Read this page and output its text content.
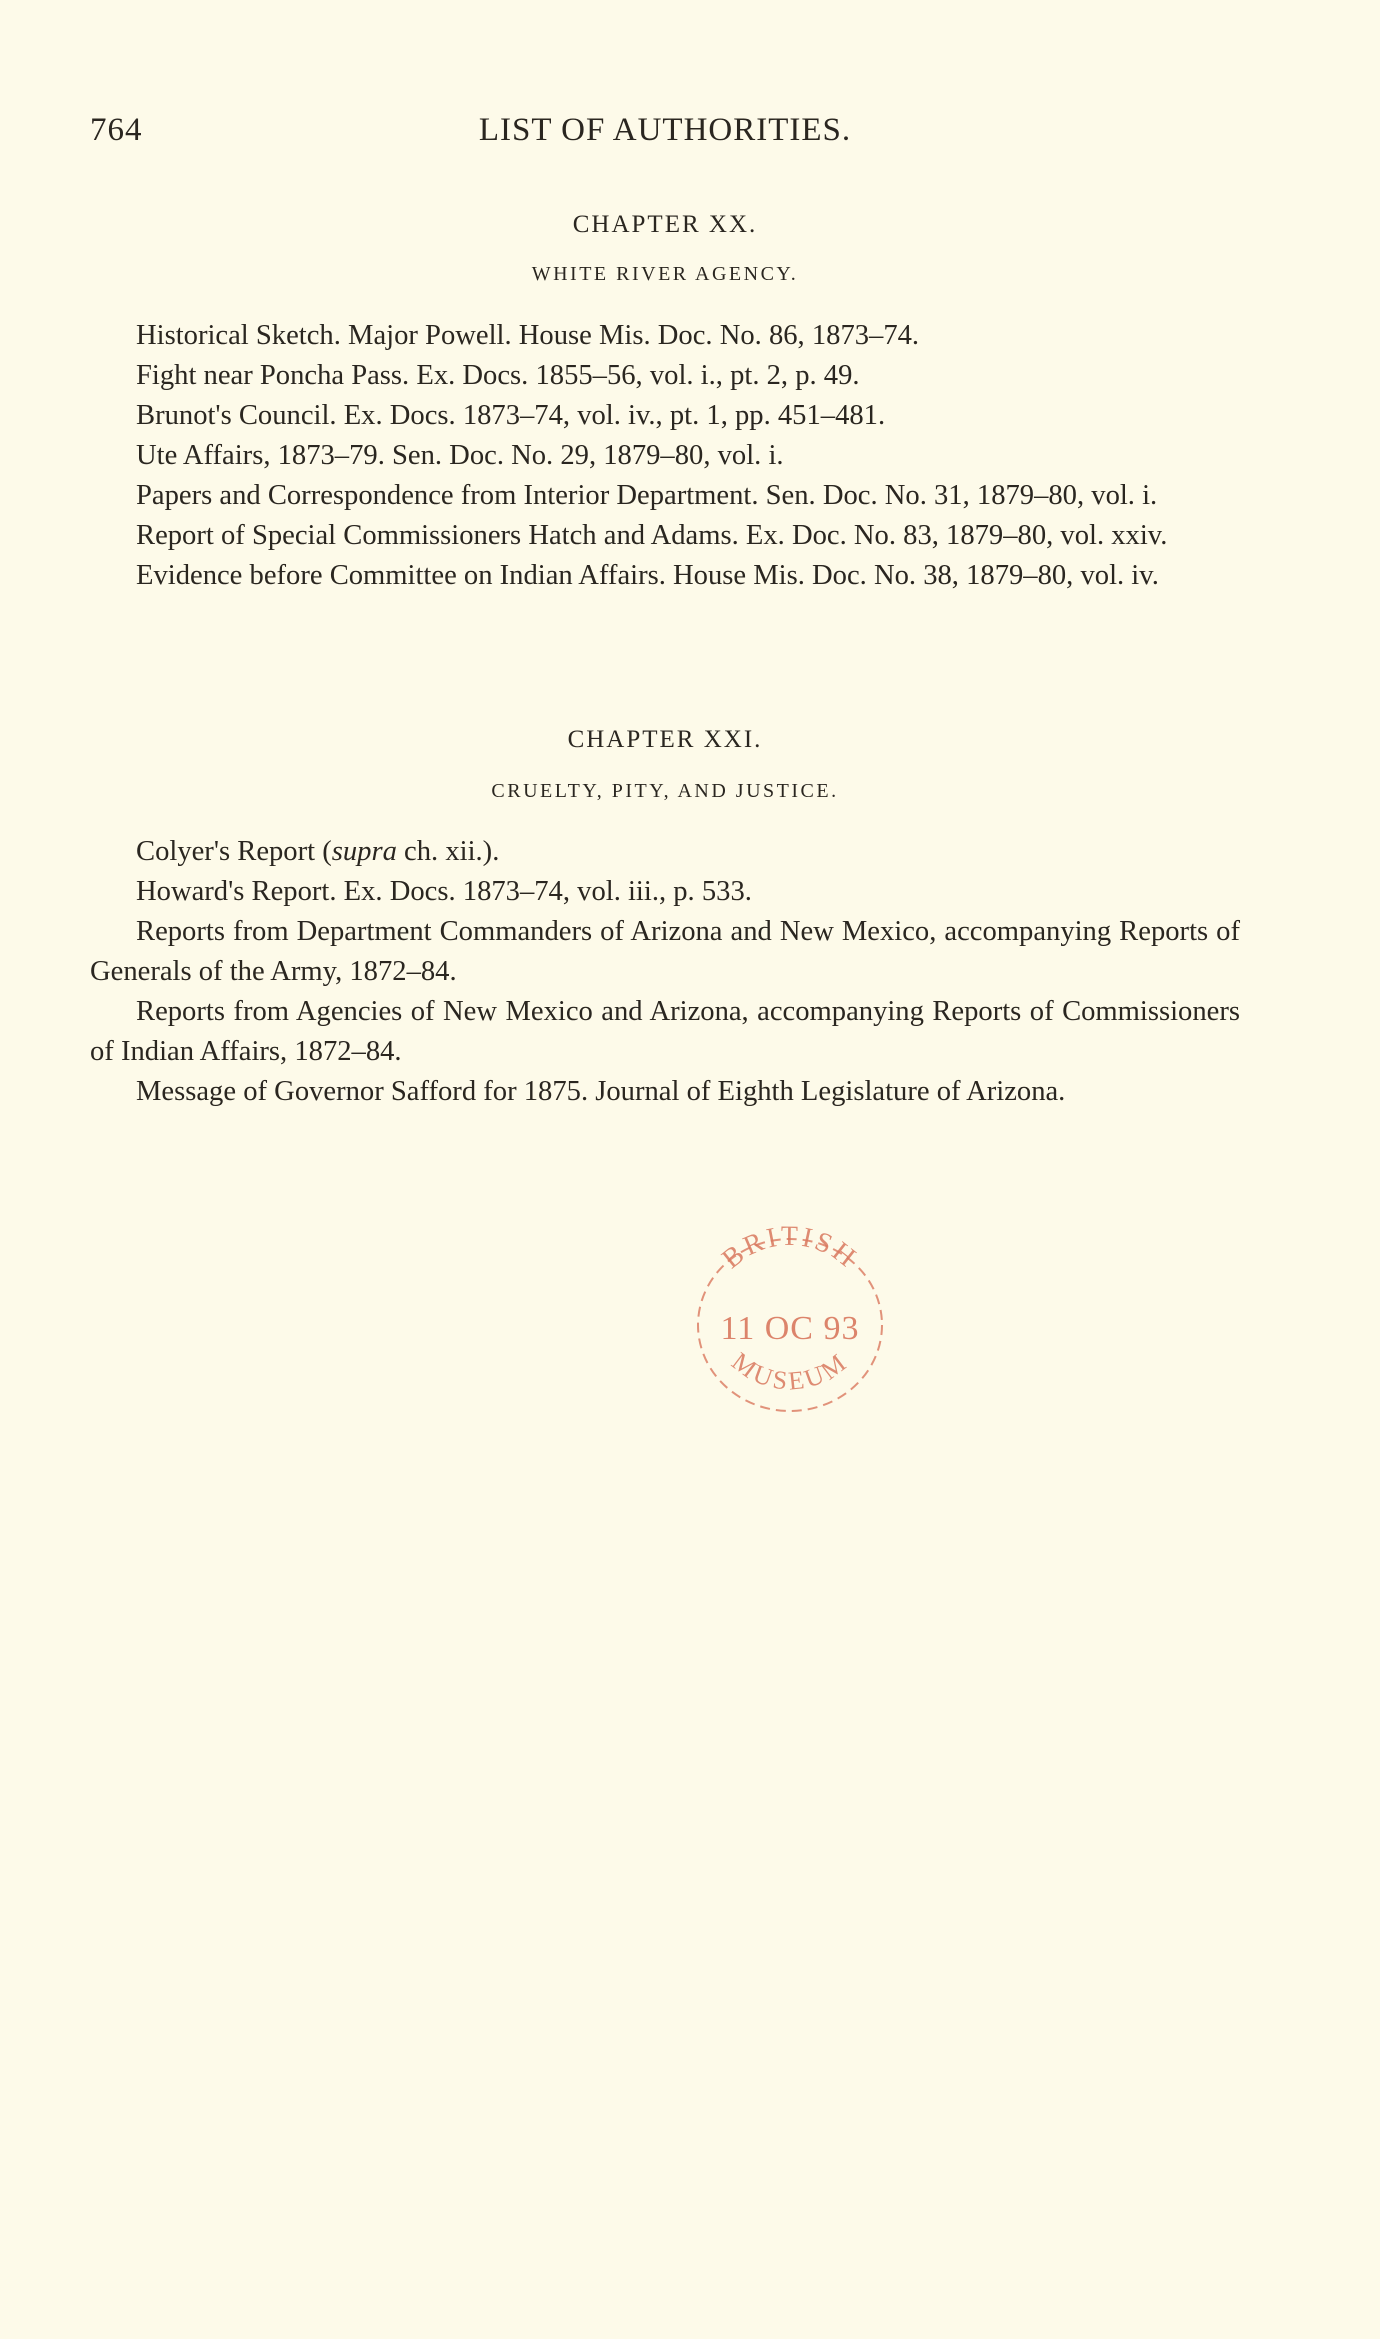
764	LIST OF AUTHORITIES.
CHAPTER XX.
WHITE RIVER AGENCY.

Historical Sketch. Major Powell. House Mis. Doc. No. 86, 1873–74.

Fight near Poncha Pass. Ex. Docs. 1855–56, vol. i., pt. 2, p. 49.

Brunot's Council. Ex. Docs. 1873–74, vol. iv., pt. 1, pp. 451–481.

Ute Affairs, 1873–79. Sen. Doc. No. 29, 1879–80, vol. i.

Papers and Correspondence from Interior Department. Sen. Doc. No. 31, 1879–80, vol. i.

Report of Special Commissioners Hatch and Adams. Ex. Doc. No. 83, 1879–80, vol. xxiv.

Evidence before Committee on Indian Affairs. House Mis. Doc. No. 38, 1879–80, vol. iv.

CHAPTER XXI.
CRUELTY, PITY, AND JUSTICE.

Colyer's Report (supra ch. xii.).

Howard's Report. Ex. Docs. 1873–74, vol. iii., p. 533.

Reports from Department Commanders of Arizona and New Mexico, accompanying Reports of Generals of the Army, 1872–84.

Reports from Agencies of New Mexico and Arizona, accompanying Reports of Commissioners of Indian Affairs, 1872–84.

Message of Governor Safford for 1875. Journal of Eighth Legislature of Arizona.

BRITISH
11 OC 93
MUSEUM
